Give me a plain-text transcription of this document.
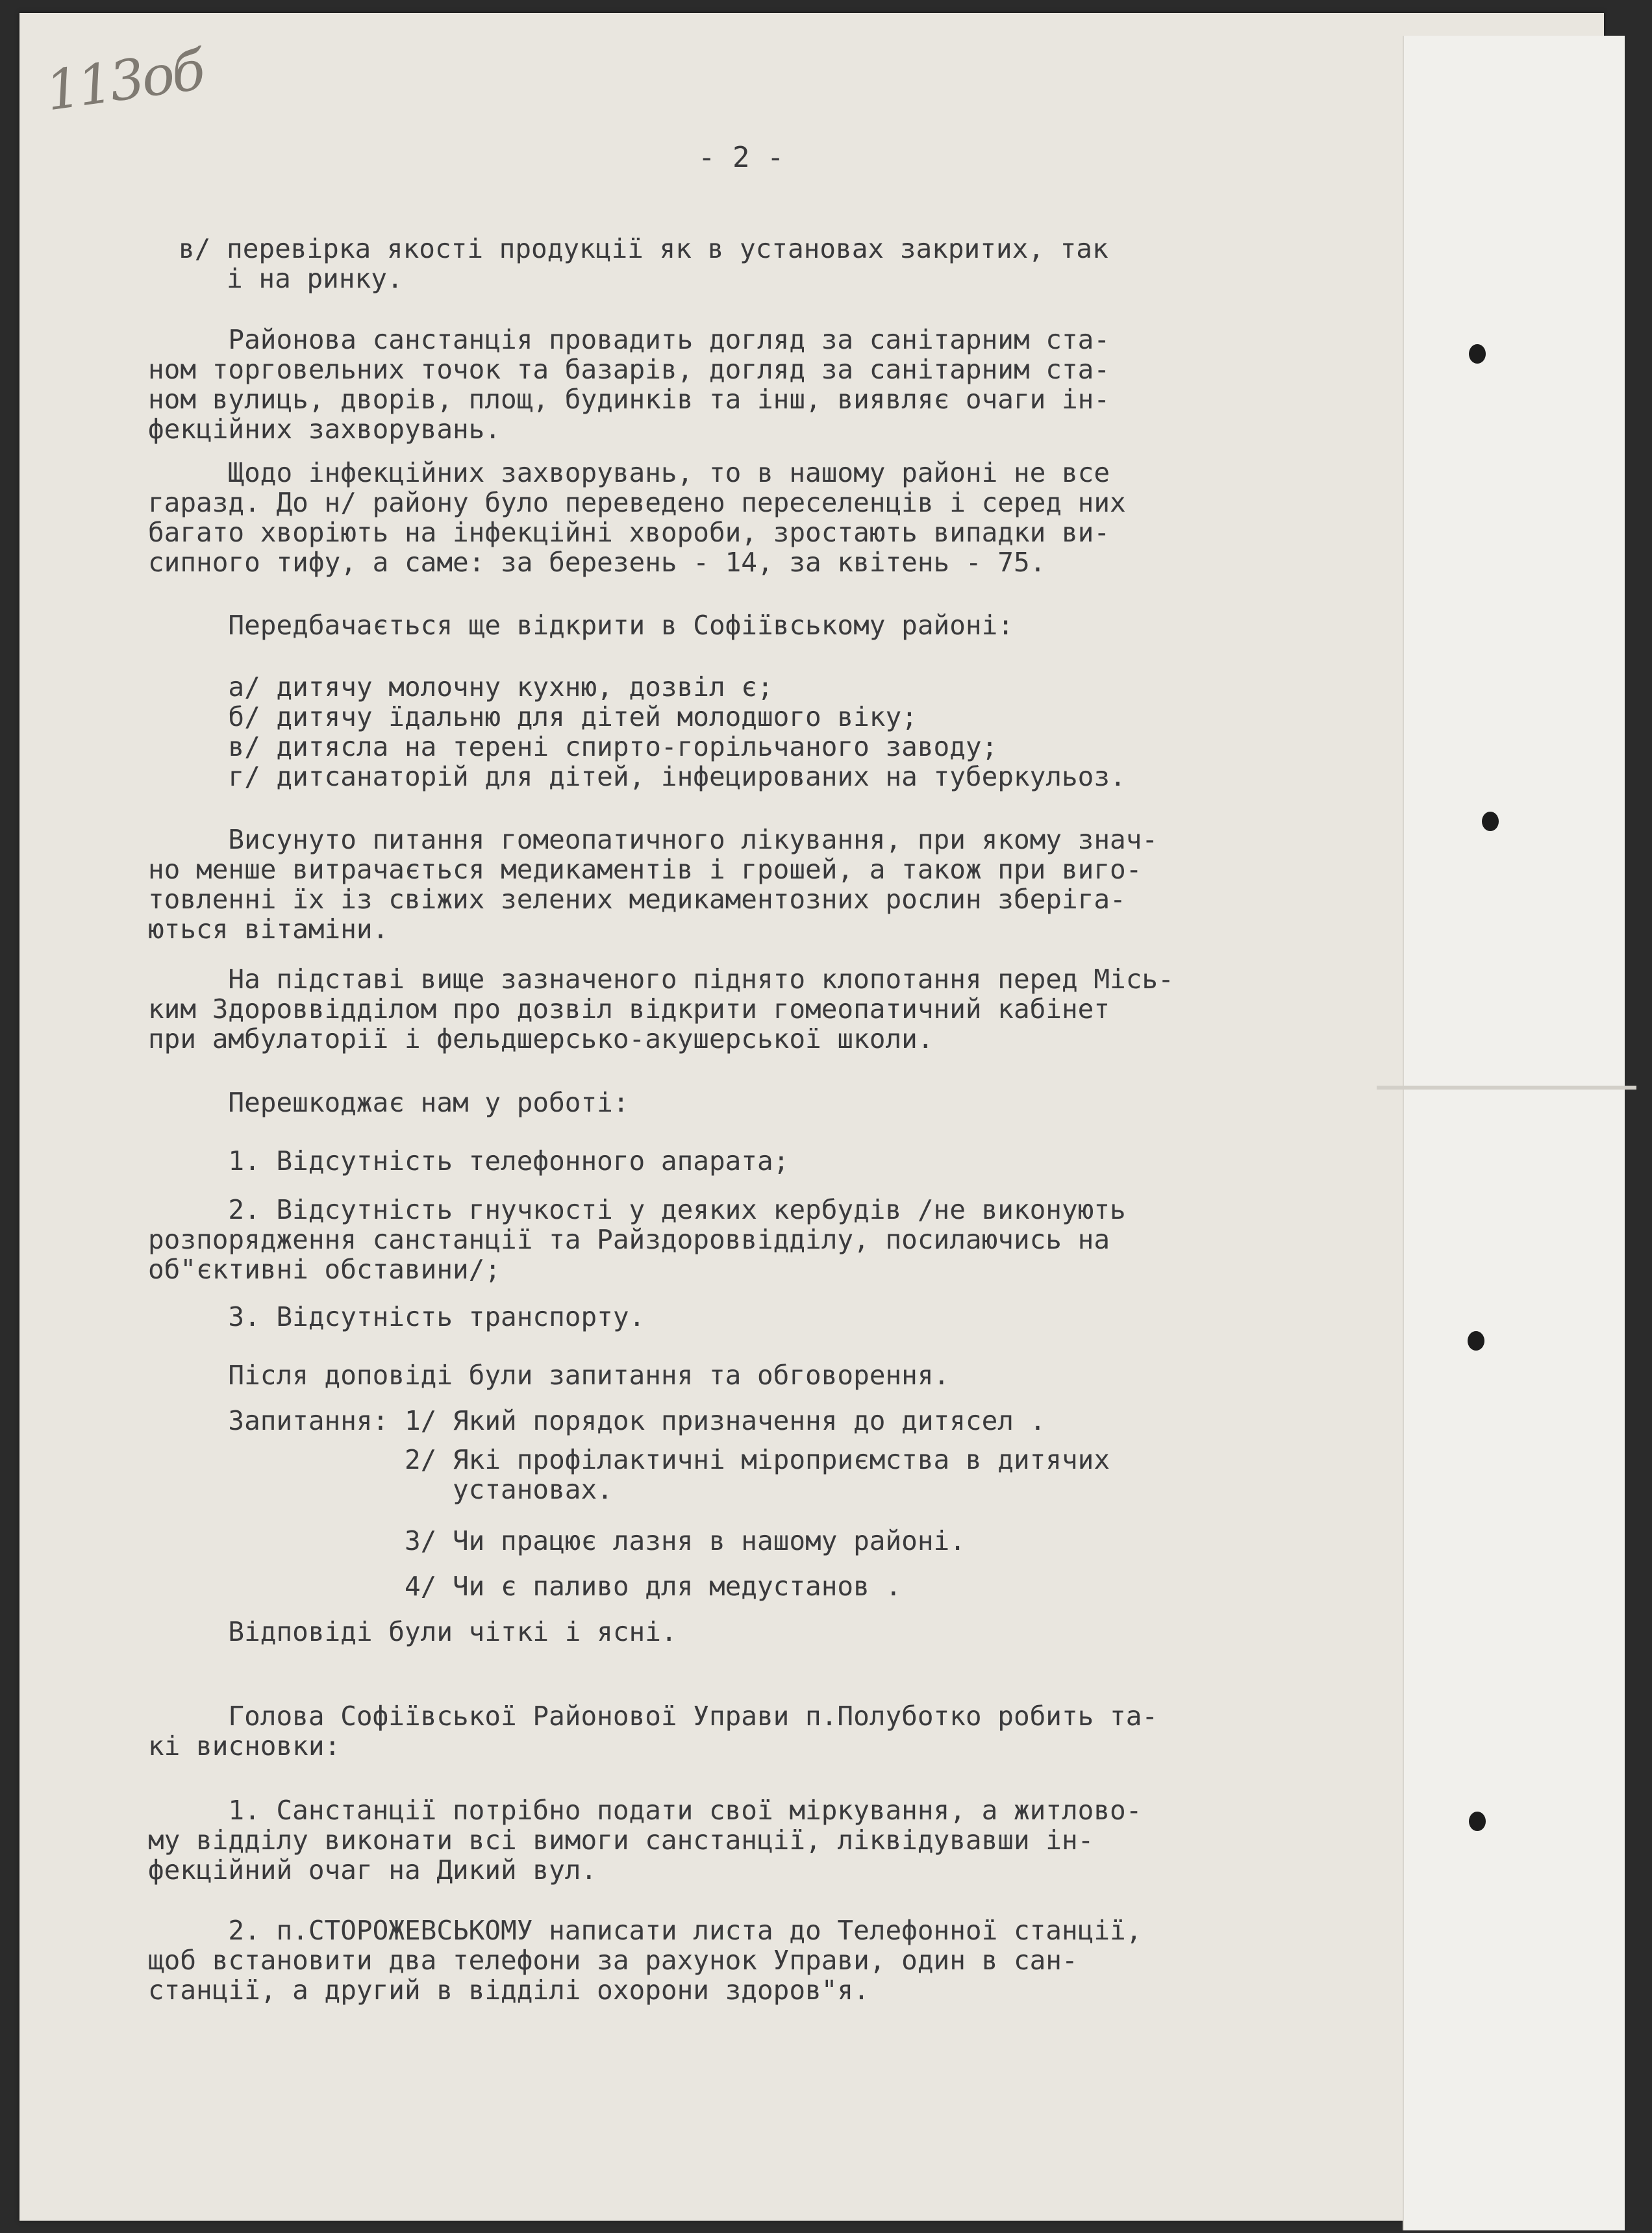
113об
- 2 -
в/ перевірка якості продукції як в установах закритих, так
і на ринку.
Районова санстанція провадить догляд за санітарним ста-
ном торговельних точок та базарів, догляд за санітарним ста-
ном вулиць, дворів, площ, будинків та інш, виявляє очаги ін-
фекційних захворувань.
Щодо інфекційних захворувань, то в нашому районі не все
гаразд. До н/ району було переведено переселенців і серед них
багато хворіють на інфекційні хвороби, зростають випадки ви-
сипного тифу, а саме: за березень - 14, за квітень - 75.
Передбачається ще відкрити в Софіївському районі:
а/ дитячу молочну кухню, дозвіл є;
б/ дитячу їдальню для дітей молодшого віку;
в/ дитясла на терені спирто-горільчаного заводу;
г/ дитсанаторій для дітей, інфецированих на туберкульоз.
Висунуто питання гомеопатичного лікування, при якому знач-
но менше витрачається медикаментів і грошей, а також при виго-
товленні їх із свіжих зелених медикаментозних рослин зберіга-
ються вітаміни.
На підставі вище зазначеного піднято клопотання перед Місь-
ким Здороввідділом про дозвіл відкрити гомеопатичний кабінет
при амбулаторії і фельдшерсько-акушерської школи.
Перешкоджає нам у роботі:
1. Відсутність телефонного апарата;
2. Відсутність гнучкості у деяких кербудів /не виконують
розпорядження санстанції та Райздороввідділу, посилаючись на
об"єктивні обставини/;
3. Відсутність транспорту.
Після доповіді були запитання та обговорення.
Запитання: 1/ Який порядок призначення до дитясел .
2/ Які профілактичні міроприємства в дитячих
установах.
3/ Чи працює лазня в нашому районі.
4/ Чи є паливо для медустанов .
Відповіді були чіткі і ясні.
Голова Софіївської Районової Управи п.Полуботко робить та-
кі висновки:
1. Санстанції потрібно подати свої міркування, а житлово-
му відділу виконати всі вимоги санстанції, ліквідувавши ін-
фекційний очаг на Дикий вул.
2. п.СТОРОЖЕВСЬКОМУ написати листа до Телефонної станції,
щоб встановити два телефони за рахунок Управи, один в сан-
станції, а другий в відділі охорони здоров"я.
